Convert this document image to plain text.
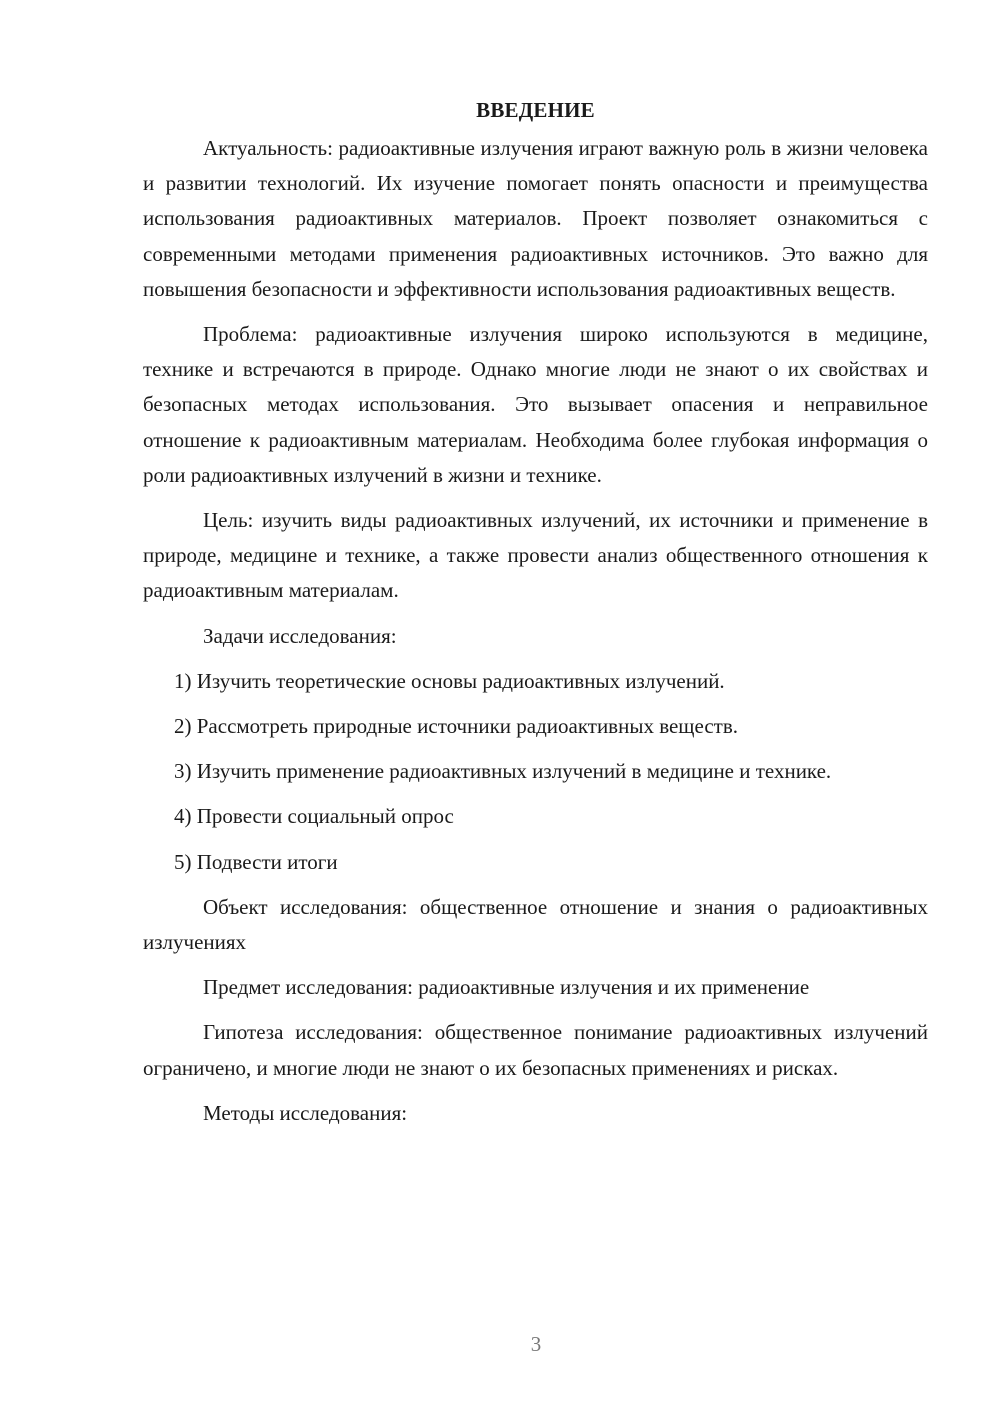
ВВЕДЕНИЕ

Актуальность: радиоактивные излучения играют важную роль в жизни человека и развитии технологий. Их изучение помогает понять опасности и преимущества использования радиоактивных материалов. Проект позволяет ознакомиться с современными методами применения радиоактивных источников. Это важно для повышения безопасности и эффективности использования радиоактивных веществ.

Проблема: радиоактивные излучения широко используются в медицине, технике и встречаются в природе. Однако многие люди не знают о их свойствах и безопасных методах использования. Это вызывает опасения и неправильное отношение к радиоактивным материалам. Необходима более глубокая информация о роли радиоактивных излучений в жизни и технике.

Цель: изучить виды радиоактивных излучений, их источники и применение в природе, медицине и технике, а также провести анализ общественного отношения к радиоактивным материалам.

Задачи исследования:

1) Изучить теоретические основы радиоактивных излучений.

2) Рассмотреть природные источники радиоактивных веществ.

3) Изучить применение радиоактивных излучений в медицине и технике.

4) Провести социальный опрос

5) Подвести итоги

Объект исследования: общественное отношение и знания о радиоактивных излучениях

Предмет исследования: радиоактивные излучения и их применение

Гипотеза исследования: общественное понимание радиоактивных излучений ограничено, и многие люди не знают о их безопасных применениях и рисках.

Методы исследования:

3
